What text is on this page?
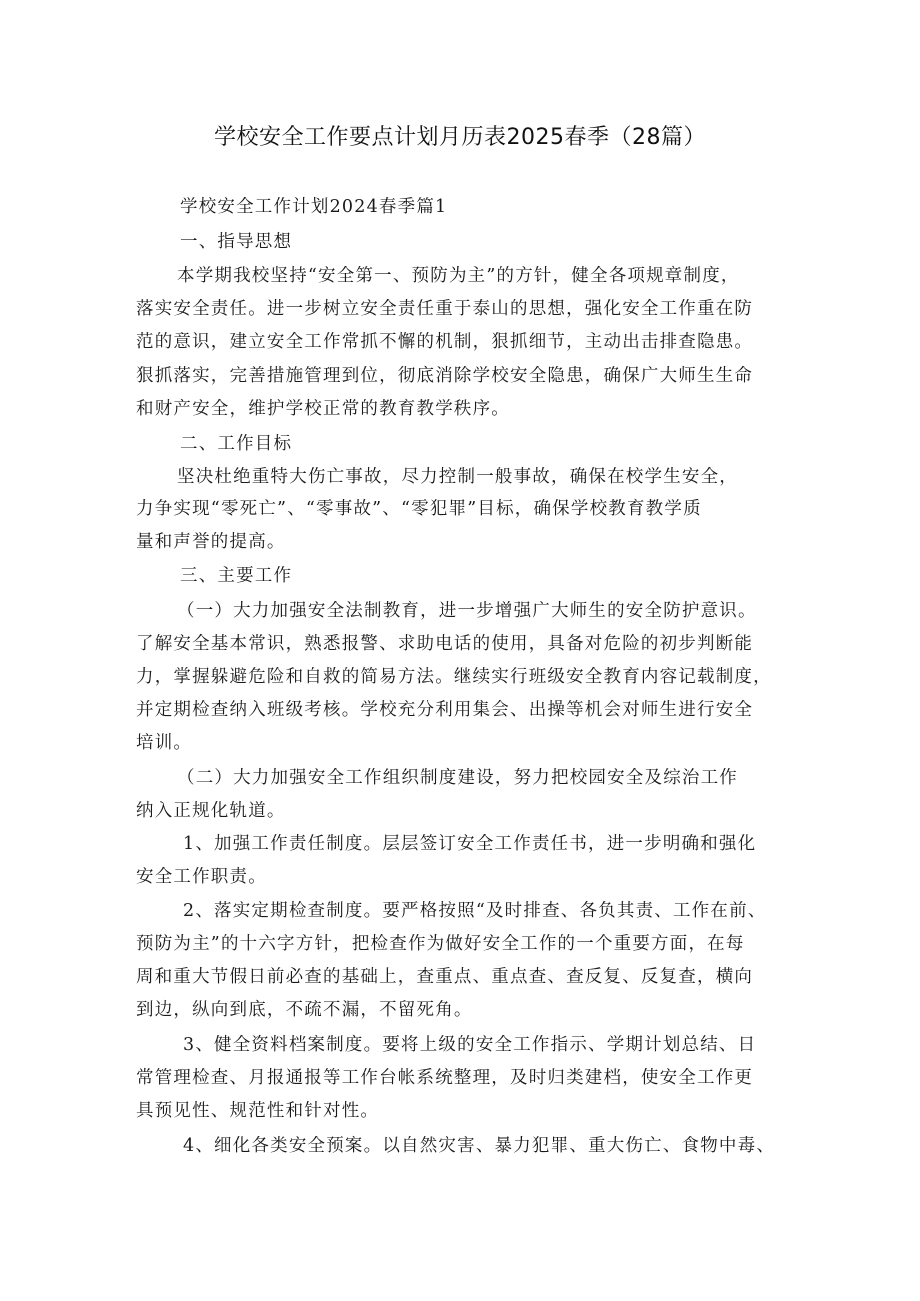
学校安全工作要点计划月历表2025春季（28篇）
学校安全工作计划2024春季篇1
一、指导思想
本学期我校坚持“安全第一、预防为主”的方针，健全各项规章制度，
落实安全责任。进一步树立安全责任重于泰山的思想，强化安全工作重在防
范的意识，建立安全工作常抓不懈的机制，狠抓细节，主动出击排查隐患。
狠抓落实，完善措施管理到位，彻底消除学校安全隐患，确保广大师生生命
和财产安全，维护学校正常的教育教学秩序。
二、工作目标
坚决杜绝重特大伤亡事故，尽力控制一般事故，确保在校学生安全，
力争实现“零死亡”、“零事故”、“零犯罪”目标，确保学校教育教学质
量和声誉的提高。
三、主要工作
（一）大力加强安全法制教育，进一步增强广大师生的安全防护意识。
了解安全基本常识，熟悉报警、求助电话的使用，具备对危险的初步判断能
力，掌握躲避危险和自救的简易方法。继续实行班级安全教育内容记载制度，
并定期检查纳入班级考核。学校充分利用集会、出操等机会对师生进行安全
培训。
（二）大力加强安全工作组织制度建设，努力把校园安全及综治工作
纳入正规化轨道。
1、加强工作责任制度。层层签订安全工作责任书，进一步明确和强化
安全工作职责。
2、落实定期检查制度。要严格按照“及时排查、各负其责、工作在前、
预防为主”的十六字方针，把检查作为做好安全工作的一个重要方面，在每
周和重大节假日前必查的基础上，查重点、重点查、查反复、反复查，横向
到边，纵向到底，不疏不漏，不留死角。
3、健全资料档案制度。要将上级的安全工作指示、学期计划总结、日
常管理检查、月报通报等工作台帐系统整理，及时归类建档，使安全工作更
具预见性、规范性和针对性。
4、细化各类安全预案。以自然灾害、暴力犯罪、重大伤亡、食物中毒、
